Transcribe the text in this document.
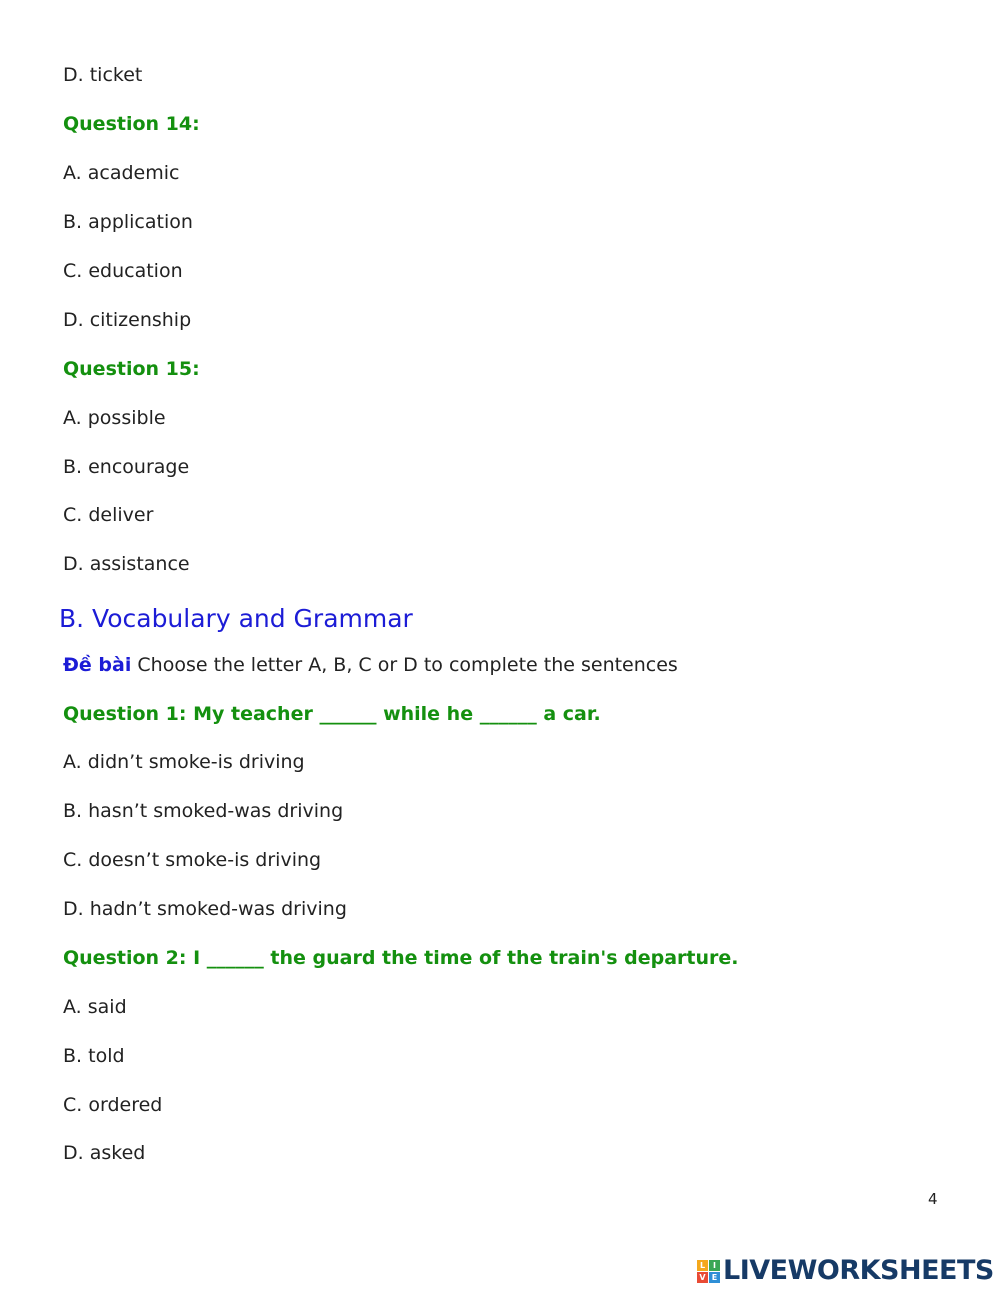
D. ticket
Question 14:
A. academic
B. application
C. education
D. citizenship
Question 15:
A. possible
B. encourage
C. deliver
D. assistance
B. Vocabulary and Grammar
Đề bài Choose the letter A, B, C or D to complete the sentences
Question 1: My teacher ______ while he ______ a car.
A. didn’t smoke-is driving
B. hasn’t smoked-was driving
C. doesn’t smoke-is driving
D. hadn’t smoked-was driving
Question 2: I ______ the guard the time of the train's departure.
A. said
B. told
C. ordered
D. asked
4
L I
V E LIVEWORKSHEETS
